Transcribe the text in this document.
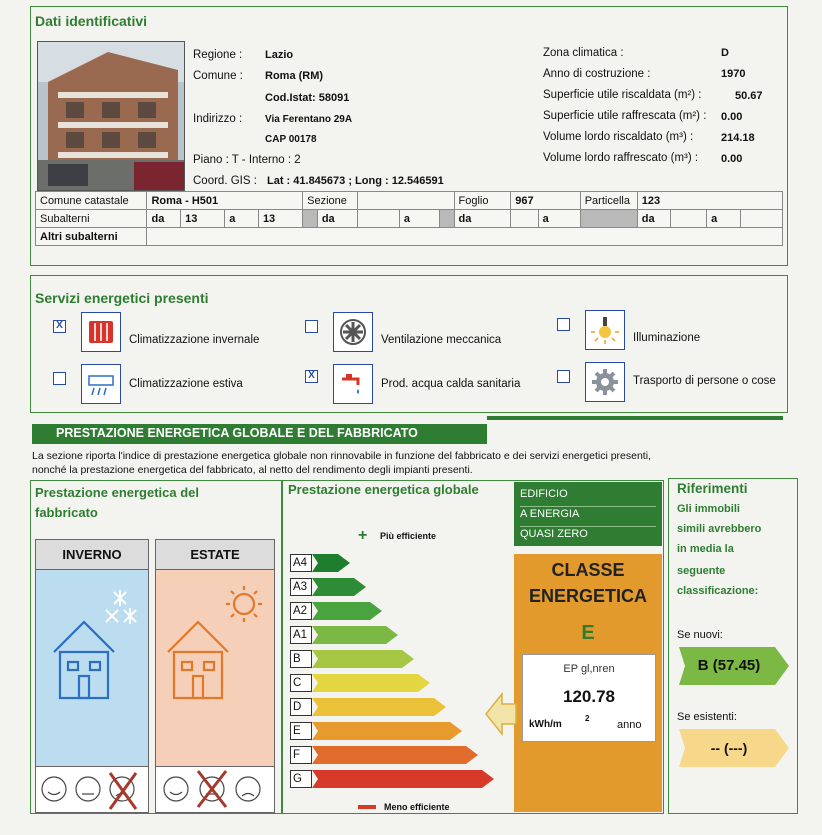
Dati identificativi
Regione : Lazio
Comune : Roma (RM)
Cod.Istat: 58091
Indirizzo : Via Ferentano 29A
CAP 00178
Piano : T - Interno : 2
Coord. GIS : Lat : 41.845673 ; Long : 12.546591
Zona climatica :	D
Anno di costruzione :	1970
Superficie utile riscaldata (m²) :	50.67
Superficie utile raffrescata (m²) : 0.00
Volume lordo riscaldato (m³) :	214.18
Volume lordo raffrescato (m³) : 0.00
Comune catastale	Roma - H501				Sezione					Foglio	967		Particella	123			
Subalterni	da	13	a	13		da		a		da		a		da		a	
Altri subalterni																	
Servizi energetici presenti
X
Climatizzazione invernale	Ventilazione meccanica	Illuminazione
Climatizzazione estiva
X
Prod. acqua calda sanitaria	Trasporto di persone o cose
PRESTAZIONE ENERGETICA GLOBALE E DEL FABBRICATO
La sezione riporta l'indice di prestazione energetica globale non rinnovabile in funzione del fabbricato e dei servizi energetici presenti,
nonché la prestazione energetica del fabbricato, al netto del rendimento degli impianti presenti.
Prestazione energetica del
fabbricato
INVERNO	ESTATE
Prestazione energetica globale
+ Più efficiente
A4
A3
A2
A1
B
C
D
E
F
G
Meno efficiente
EDIFICIO
A ENERGIA
QUASI ZERO
CLASSE
ENERGETICA
E
EP gl,nren
120.78
kWh/m
2
anno
Riferimenti
Gli immobili
simili avrebbero
in media la
seguente
classificazione:
Se nuovi:
B (57.45)
Se esistenti:
-- (---)
